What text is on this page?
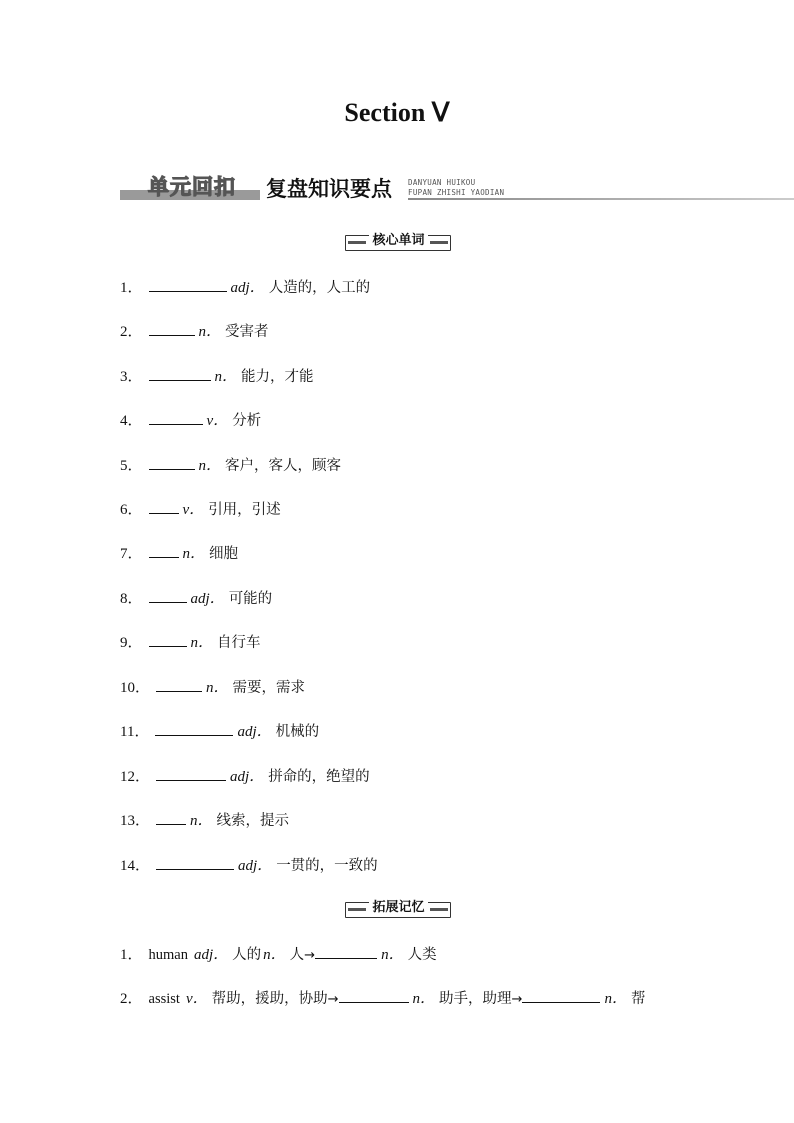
Section Ⅴ
单元回扣 复盘知识要点 DANYUAN HUIKOU
FUPAN ZHISHI YAODIAN
核心单词
1．	adj． 人造的，人工的
2．	n． 受害者
3．	n． 能力，才能
4．	v． 分析
5．	n． 客户，客人，顾客
6．	v． 引用，引述
7．	n． 细胞
8．	adj． 可能的
9．	n． 自行车
10．	n． 需要，需求
11．	adj． 机械的
12．	adj． 拼命的，绝望的
13．	n． 线索，提示
14．	adj． 一贯的，一致的
拓展记忆
1． human adj． 人的 n． 人→	n． 人类
2． assist v． 帮助，援助，协助→	n． 助手，助理→	n． 帮
